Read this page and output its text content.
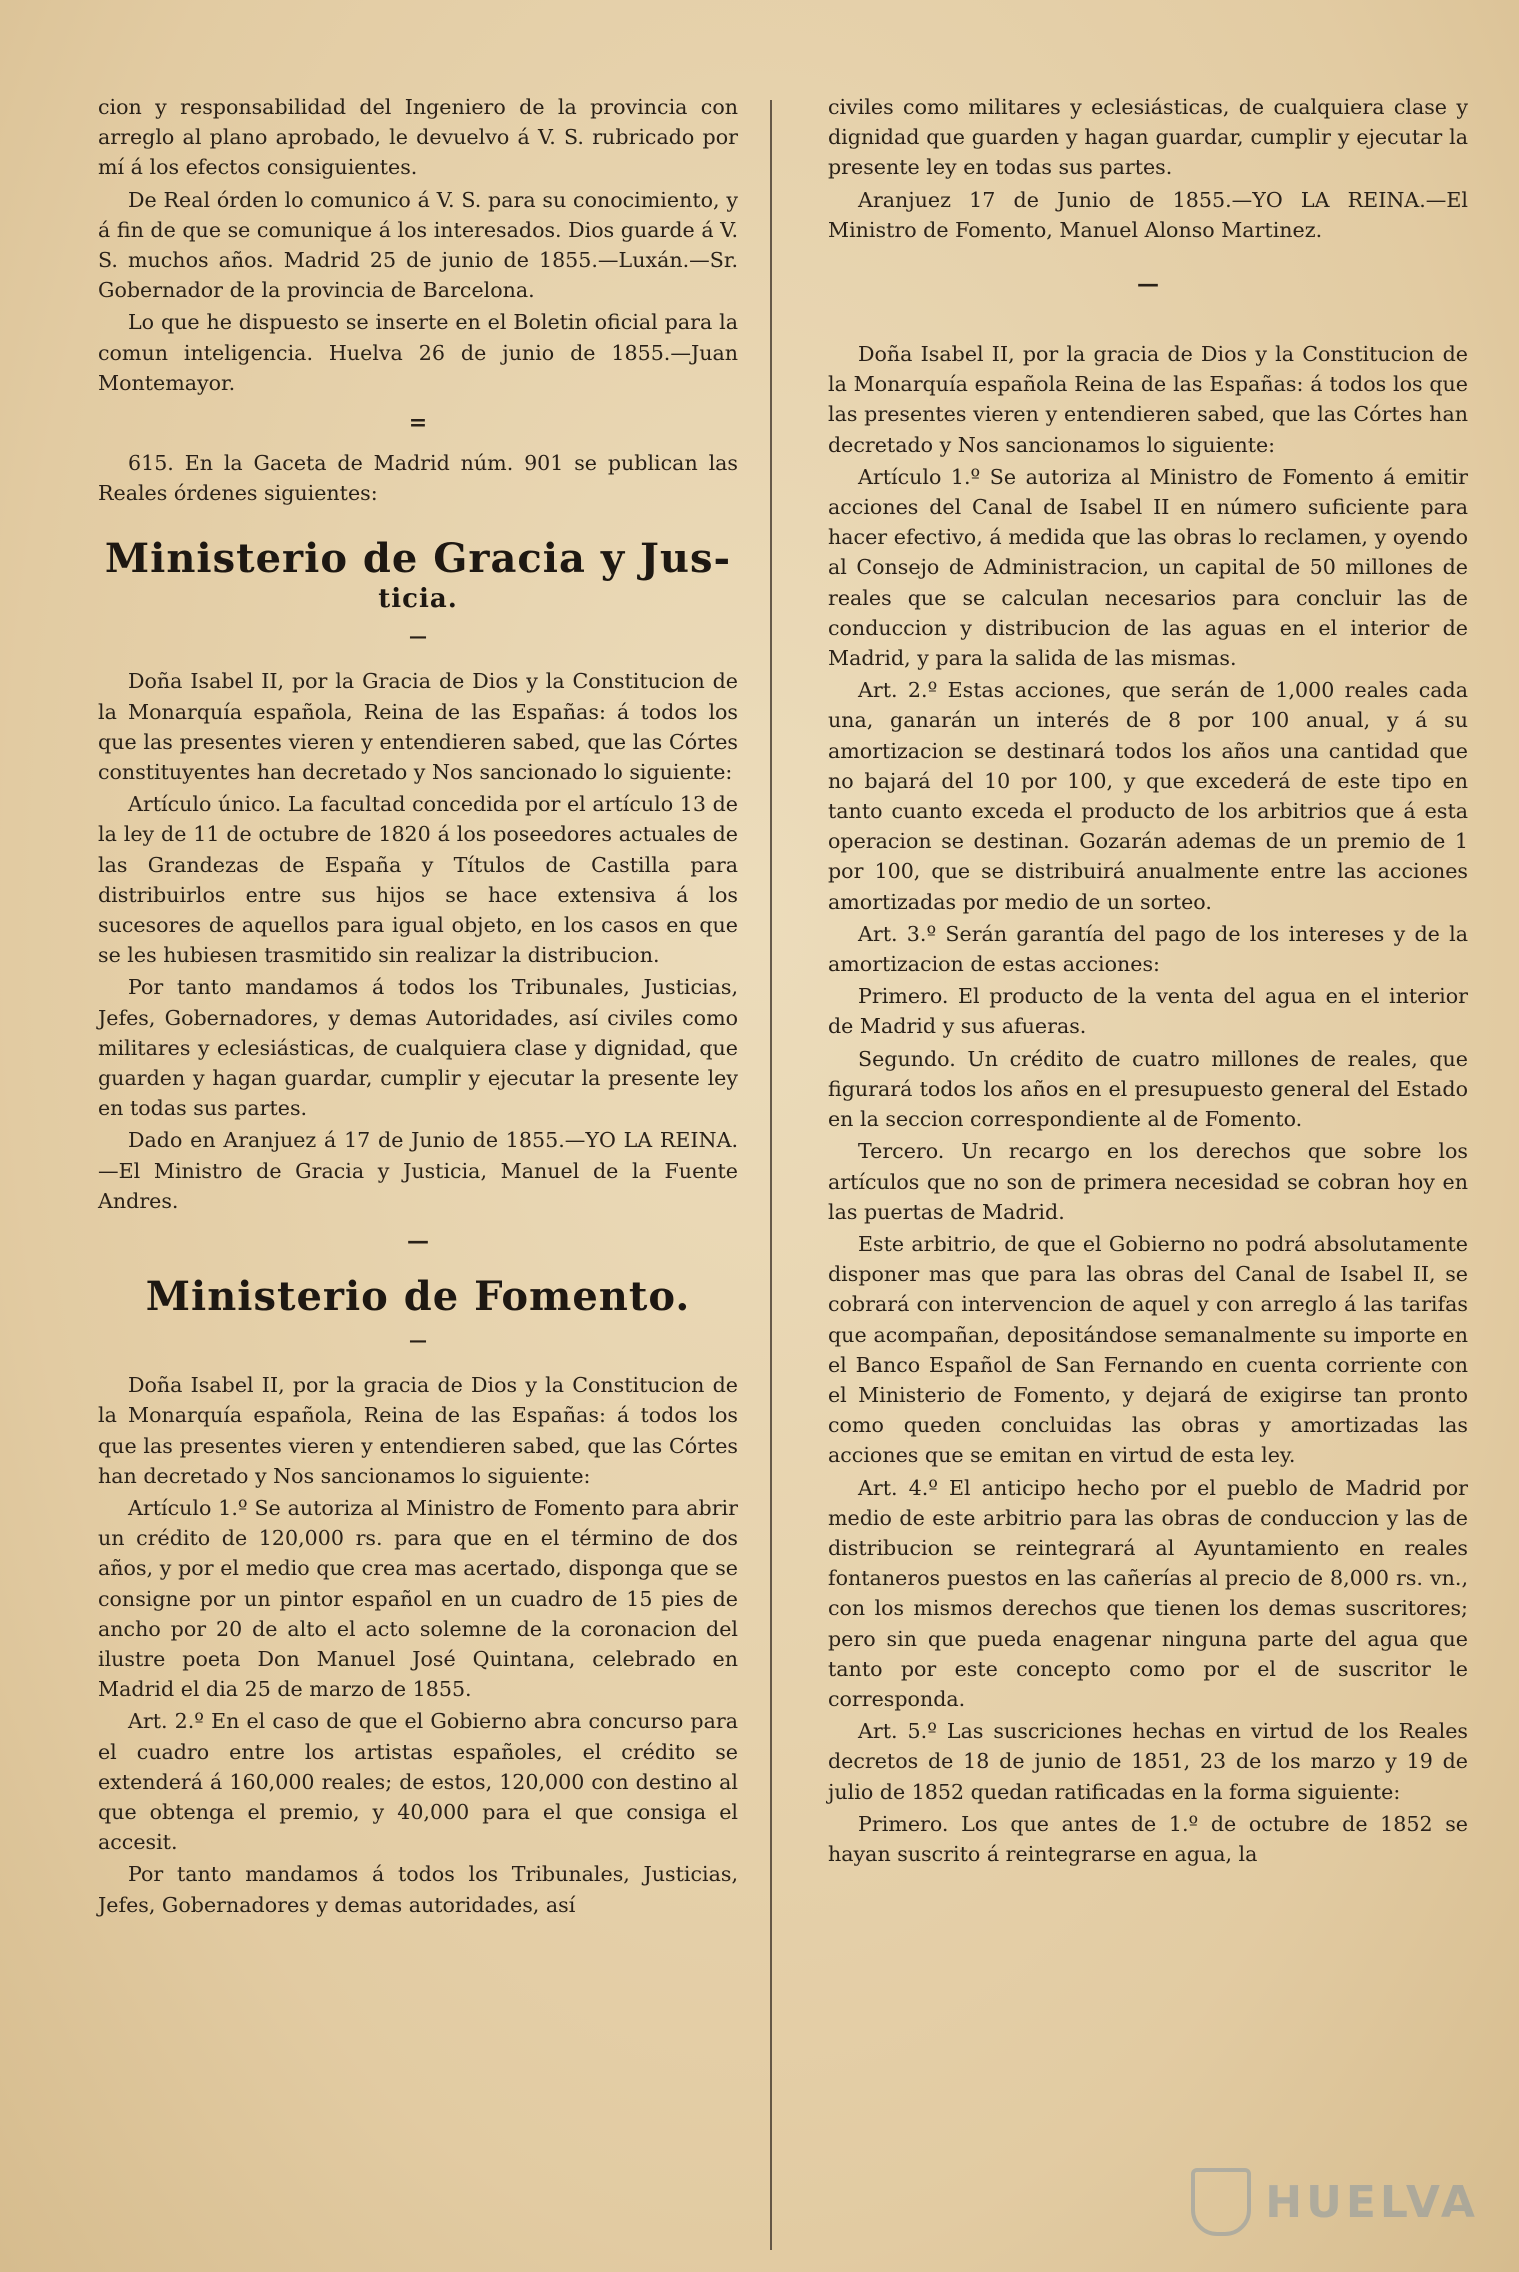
cion y responsabilidad del Ingeniero de la provincia con arreglo al plano aprobado, le devuelvo á V. S. rubricado por mí á los efectos consiguientes.

De Real órden lo comunico á V. S. para su conocimiento, y á fin de que se comunique á los interesados. Dios guarde á V. S. muchos años. Madrid 25 de junio de 1855.—Luxán.—Sr. Gobernador de la provincia de Barcelona.

Lo que he dispuesto se inserte en el Boletin oficial para la comun inteligencia. Huelva 26 de junio de 1855.—Juan Montemayor.

=

615. En la Gaceta de Madrid núm. 901 se publican las Reales órdenes siguientes:

Ministerio de Gracia y Jus-
ticia.
—

Doña Isabel II, por la Gracia de Dios y la Constitucion de la Monarquía española, Reina de las Españas: á todos los que las presentes vieren y entendieren sabed, que las Córtes constituyentes han decretado y Nos sancionado lo siguiente:

Artículo único. La facultad concedida por el artículo 13 de la ley de 11 de octubre de 1820 á los poseedores actuales de las Grandezas de España y Títulos de Castilla para distribuirlos entre sus hijos se hace extensiva á los sucesores de aquellos para igual objeto, en los casos en que se les hubiesen trasmitido sin realizar la distribucion.

Por tanto mandamos á todos los Tribunales, Justicias, Jefes, Gobernadores, y demas Autoridades, así civiles como militares y eclesiásticas, de cualquiera clase y dignidad, que guarden y hagan guardar, cumplir y ejecutar la presente ley en todas sus partes.

Dado en Aranjuez á 17 de Junio de 1855.—YO LA REINA.—El Ministro de Gracia y Justicia, Manuel de la Fuente Andres.

—
Ministerio de Fomento.
—

Doña Isabel II, por la gracia de Dios y la Constitucion de la Monarquía española, Reina de las Españas: á todos los que las presentes vieren y entendieren sabed, que las Córtes han decretado y Nos sancionamos lo siguiente:

Artículo 1.º Se autoriza al Ministro de Fomento para abrir un crédito de 120,000 rs. para que en el término de dos años, y por el medio que crea mas acertado, disponga que se consigne por un pintor español en un cuadro de 15 pies de ancho por 20 de alto el acto solemne de la coronacion del ilustre poeta Don Manuel José Quintana, celebrado en Madrid el dia 25 de marzo de 1855.

Art. 2.º En el caso de que el Gobierno abra concurso para el cuadro entre los artistas españoles, el crédito se extenderá á 160,000 reales; de estos, 120,000 con destino al que obtenga el premio, y 40,000 para el que consiga el accesit.

Por tanto mandamos á todos los Tribunales, Justicias, Jefes, Gobernadores y demas autoridades, así

civiles como militares y eclesiásticas, de cualquiera clase y dignidad que guarden y hagan guardar, cumplir y ejecutar la presente ley en todas sus partes.

Aranjuez 17 de Junio de 1855.—YO LA REINA.—El Ministro de Fomento, Manuel Alonso Martinez.

—

Doña Isabel II, por la gracia de Dios y la Constitucion de la Monarquía española Reina de las Españas: á todos los que las presentes vieren y entendieren sabed, que las Córtes han decretado y Nos sancionamos lo siguiente:

Artículo 1.º Se autoriza al Ministro de Fomento á emitir acciones del Canal de Isabel II en número suficiente para hacer efectivo, á medida que las obras lo reclamen, y oyendo al Consejo de Administracion, un capital de 50 millones de reales que se calculan necesarios para concluir las de conduccion y distribucion de las aguas en el interior de Madrid, y para la salida de las mismas.

Art. 2.º Estas acciones, que serán de 1,000 reales cada una, ganarán un interés de 8 por 100 anual, y á su amortizacion se destinará todos los años una cantidad que no bajará del 10 por 100, y que excederá de este tipo en tanto cuanto exceda el producto de los arbitrios que á esta operacion se destinan. Gozarán ademas de un premio de 1 por 100, que se distribuirá anualmente entre las acciones amortizadas por medio de un sorteo.

Art. 3.º Serán garantía del pago de los intereses y de la amortizacion de estas acciones:

Primero. El producto de la venta del agua en el interior de Madrid y sus afueras.

Segundo. Un crédito de cuatro millones de reales, que figurará todos los años en el presupuesto general del Estado en la seccion correspondiente al de Fomento.

Tercero. Un recargo en los derechos que sobre los artículos que no son de primera necesidad se cobran hoy en las puertas de Madrid.

Este arbitrio, de que el Gobierno no podrá absolutamente disponer mas que para las obras del Canal de Isabel II, se cobrará con intervencion de aquel y con arreglo á las tarifas que acompañan, depositándose semanalmente su importe en el Banco Español de San Fernando en cuenta corriente con el Ministerio de Fomento, y dejará de exigirse tan pronto como queden concluidas las obras y amortizadas las acciones que se emitan en virtud de esta ley.

Art. 4.º El anticipo hecho por el pueblo de Madrid por medio de este arbitrio para las obras de conduccion y las de distribucion se reintegrará al Ayuntamiento en reales fontaneros puestos en las cañerías al precio de 8,000 rs. vn., con los mismos derechos que tienen los demas suscritores; pero sin que pueda enagenar ninguna parte del agua que tanto por este concepto como por el de suscritor le corresponda.

Art. 5.º Las suscriciones hechas en virtud de los Reales decretos de 18 de junio de 1851, 23 de los marzo y 19 de julio de 1852 quedan ratificadas en la forma siguiente:

Primero. Los que antes de 1.º de octubre de 1852 se hayan suscrito á reintegrarse en agua, la

HUELVA
